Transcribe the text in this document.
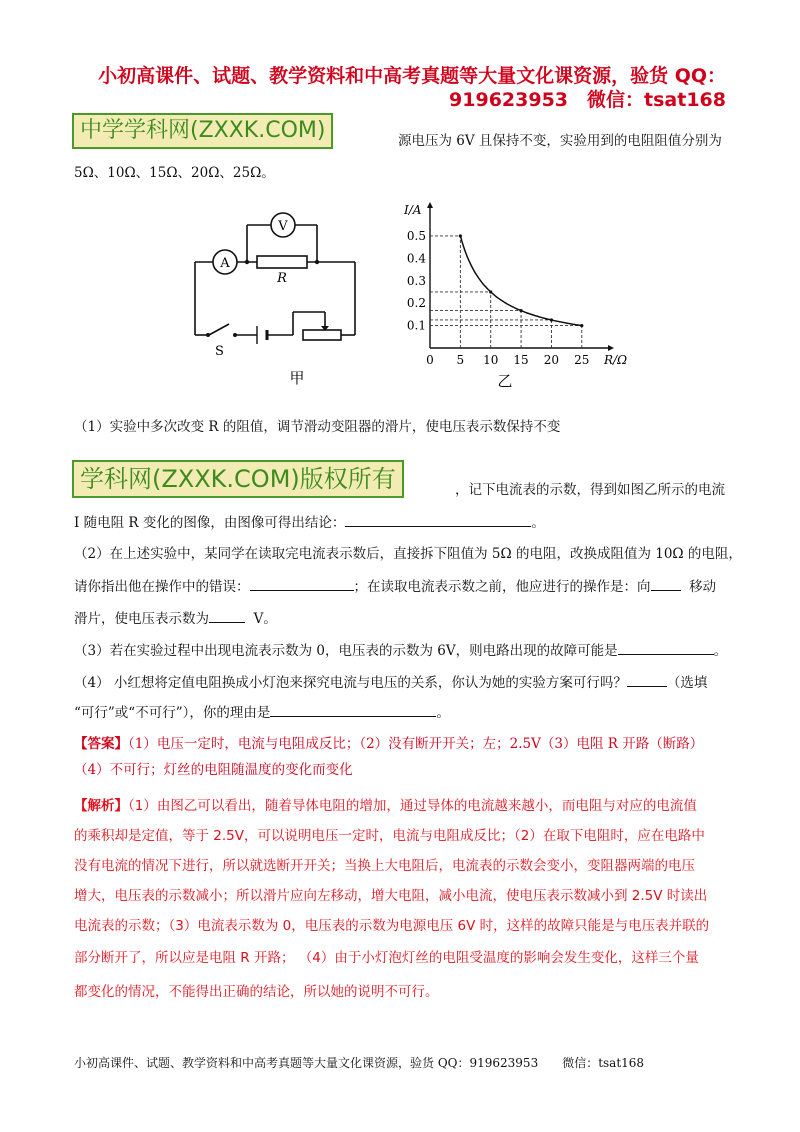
小初高课件、试题、教学资料和中高考真题等大量文化课资源，验货 QQ：
919623953　微信：tsat168
中学学科网(ZXXK.COM)	源电压为 6V 且保持不变，实验用到的电阻阻值分别为
5Ω、10Ω、15Ω、20Ω、25Ω。
A
V
R
S
甲
0 5 10 15 20 25
0.1
0.2
0.3
0.4
0.5
R/Ω
I/A
乙
（1）实验中多次改变 R 的阻值，调节滑动变阻器的滑片，使电压表示数保持不变
学科网(ZXXK.COM)版权所有	，记下电流表的示数，得到如图乙所示的电流
I 随电阻 R 变化的图像，由图像可得出结论：	。
（2）在上述实验中，某同学在读取完电流表示数后，直接拆下阻值为 5Ω 的电阻，改换成阻值为 10Ω 的电阻，
请你指出他在操作中的错误：	；在读取电流表示数之前，他应进行的操作是：向	移动
滑片，使电压表示数为	V。
（3）若在实验过程中出现电流表示数为 0，电压表的示数为 6V，则电路出现的故障可能是	。
（4） 小红想将定值电阻换成小灯泡来探究电流与电压的关系，你认为她的实验方案可行吗？	（选填
“可行”或“不可行”），你的理由是	。
【答案】（1）电压一定时，电流与电阻成反比；（2）没有断开开关；左；2.5V（3）电阻 R 开路（断路）
（4）不可行；灯丝的电阻随温度的变化而变化
【解析】（1）由图乙可以看出，随着导体电阻的增加，通过导体的电流越来越小，而电阻与对应的电流值
的乘积却是定值，等于 2.5V，可以说明电压一定时，电流与电阻成反比；（2）在取下电阻时，应在电路中
没有电流的情况下进行，所以就选断开开关；当换上大电阻后，电流表的示数会变小，变阻器两端的电压
增大，电压表的示数减小；所以滑片应向左移动，增大电阻，减小电流，使电压表示数减小到 2.5V 时读出
电流表的示数；（3）电流表示数为 0，电压表的示数为电源电压 6V 时，这样的故障只能是与电压表并联的
部分断开了，所以应是电阻 R 开路； （4）由于小灯泡灯丝的电阻受温度的影响会发生变化，这样三个量
都变化的情况，不能得出正确的结论，所以她的说明不可行。
小初高课件、试题、教学资料和中高考真题等大量文化课资源，验货 QQ：919623953　　微信：tsat168
